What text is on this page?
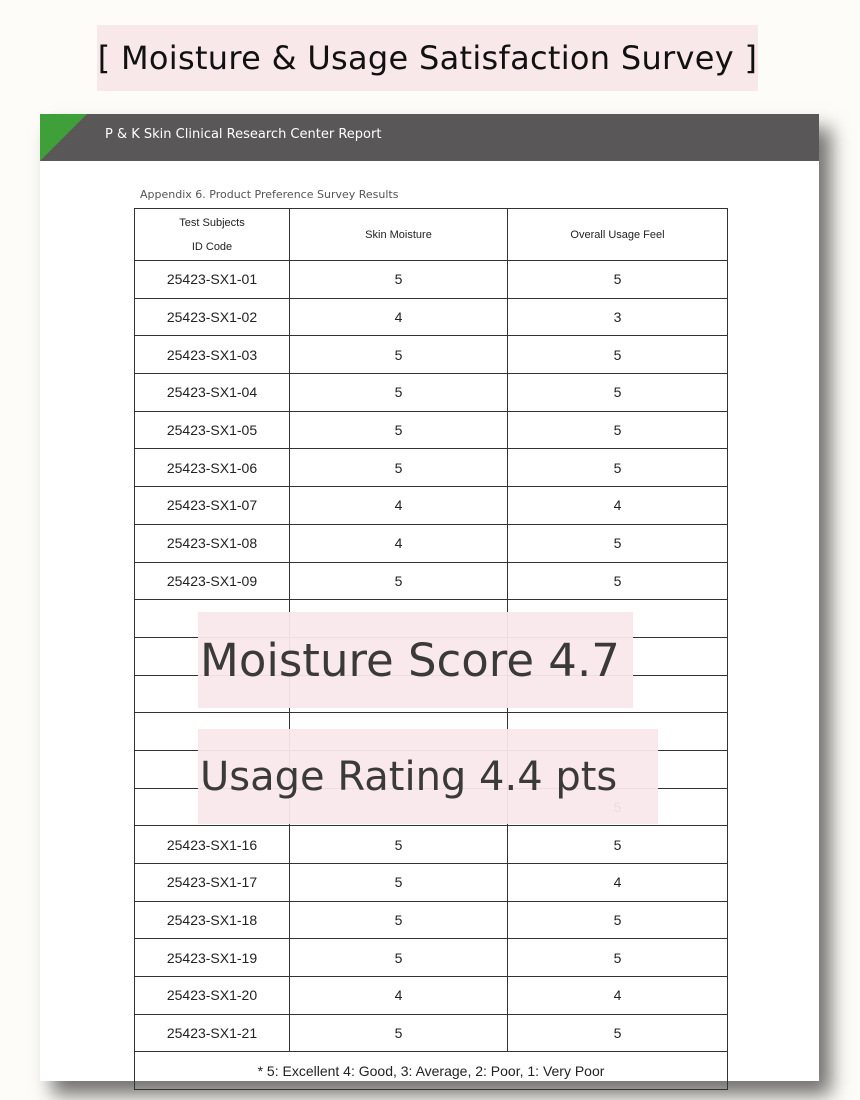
[ Moisture & Usage Satisfaction Survey ]
P & K Skin Clinical Research Center Report
Appendix 6. Product Preference Survey Results
Test Subjects
ID Code	Skin Moisture	Overall Usage Feel
25423-SX1-01	5	5
25423-SX1-02	4	3
25423-SX1-03	5	5
25423-SX1-04	5	5
25423-SX1-05	5	5
25423-SX1-06	5	5
25423-SX1-07	4	4
25423-SX1-08	4	5
25423-SX1-09	5	5

25423-SX1-16	5	5
25423-SX1-17	5	4
25423-SX1-18	5	5
25423-SX1-19	5	5
25423-SX1-20	4	4
25423-SX1-21	5	5
* 5: Excellent 4: Good, 3: Average, 2: Poor, 1: Very Poor		
Moisture Score 4.7
Usage Rating 4.4 pts
